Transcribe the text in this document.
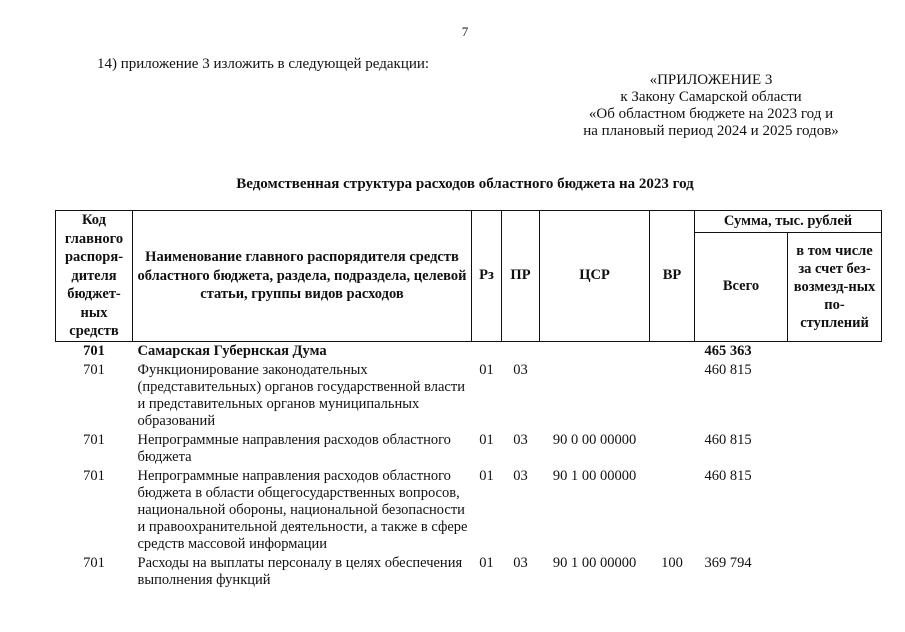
7
14) приложение 3 изложить в следующей редакции:
«ПРИЛОЖЕНИЕ 3
к Закону Самарской области
«Об областном бюджете на 2023 год и
на плановый период 2024 и 2025 годов»
Ведомственная структура расходов областного бюджета на 2023 год
Код главного распоря-дителя бюджет-ных средств	Наименование главного распорядителя средств областного бюджета, раздела, подраздела, целевой статьи, группы видов расходов	Рз	ПР	ЦСР	ВР	Сумма, тыс. рублей	
						Всего	в том числе за счет без-возмезд-ных по-ступлений
701	Самарская Губернская Дума					465 363	
701	Функционирование законодательных (представительных) органов государственной власти и представительных органов муниципальных образований	01	03			460 815	
701	Непрограммные направления расходов областного бюджета	01	03	90 0 00 00000		460 815	
701	Непрограммные направления расходов областного бюджета в области общегосударственных вопросов, национальной обороны, национальной безопасности и правоохранительной деятельности, а также в сфере средств массовой информации	01	03	90 1 00 00000		460 815	
701	Расходы на выплаты персоналу в целях обеспечения выполнения функций	01	03	90 1 00 00000	100	369 794	
